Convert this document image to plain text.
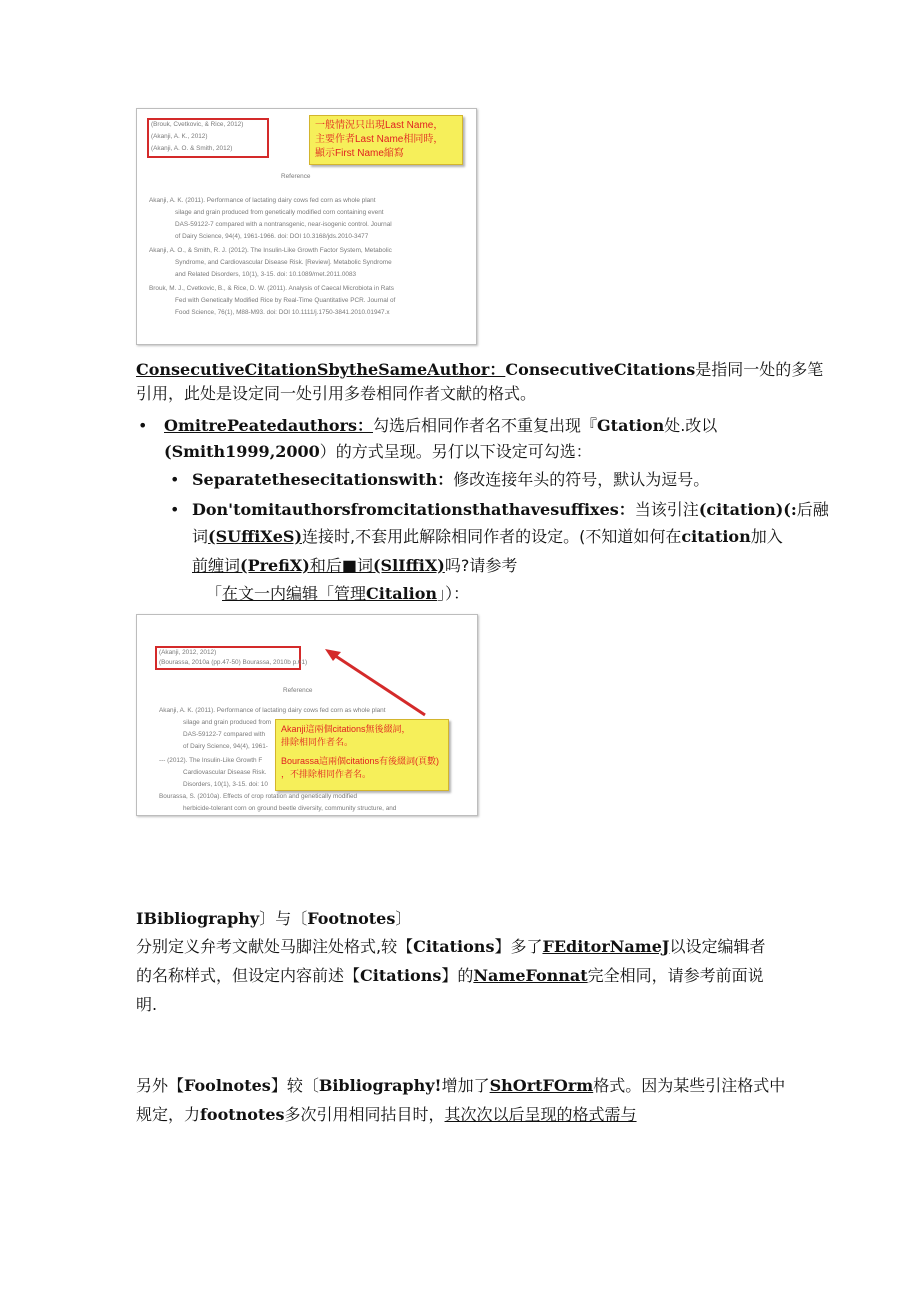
(Brouk, Cvetkovic, & Rice, 2012)
(Akanji, A. K., 2012)
(Akanji, A. O. & Smith, 2012)
一般情況只出現Last Name，
主要作者Last Name相同時，
顯示First Name縮寫
Reference
Akanji, A. K. (2011). Performance of lactating dairy cows fed corn as whole plant
silage and grain produced from genetically modified corn containing event
DAS-59122-7 compared with a nontransgenic, near-isogenic control. Journal
of Dairy Science, 94(4), 1961-1966. doi: DOI 10.3168/jds.2010-3477
Akanji, A. O., & Smith, R. J. (2012). The Insulin-Like Growth Factor System, Metabolic
Syndrome, and Cardiovascular Disease Risk. [Review]. Metabolic Syndrome
and Related Disorders, 10(1), 3-15. doi: 10.1089/met.2011.0083
Brouk, M. J., Cvetkovic, B., & Rice, D. W. (2011). Analysis of Caecal Microbiota in Rats
Fed with Genetically Modified Rice by Real-Time Quantitative PCR. Journal of
Food Science, 76(1), M88-M93. doi: DOI 10.1111/j.1750-3841.2010.01947.x
ConsecutiveCitationSbytheSameAuthor：ConsecutiveCitations是指同一处的多笔
引用，此处是设定同一处引用多卷相同作者文献的格式。
• OmitrePeatedauthors：勾选后相同作者名不重复出现『Gtation处.改以
(Smith1999,2000）的方式呈现。另仃以下设定可勾选：
• Separatethesecitationswith：修改连接年头的符号，默认为逗号。
• Don'tomitauthorsfromcitationsthathavesuffixes：当该引注(citation)(:后融
词(SUffiXeS)连接时,不套用此解除相同作者的设定。(不知道如何在citation加入
前缠词(PrefiX)和后■词(SlIffiX)吗?请参考
「在文一内编辑「管理Citalion」）：
(Akanji, 2012, 2012)
(Bourassa, 2010a (pp.47-50) Bourassa, 2010b p.61)
Reference
Akanji, A. K. (2011). Performance of lactating dairy cows fed corn as whole plant
silage and grain produced from
DAS-59122-7 compared with
of Dairy Science, 94(4), 1961-
--- (2012). The Insulin-Like Growth F
Cardiovascular Disease Risk.
Disorders, 10(1), 3-15. doi: 10
Bourassa, S. (2010a). Effects of crop rotation and genetically modified
herbicide-tolerant corn on ground beetle diversity, community structure, and
Akanji這兩個citations無後綴詞，
排除相同作者名。
Bourassa這兩個citations有後綴詞(頁數)
，不排除相同作者名。
IBibliography〕与〔Footnotes〕
分别定义弁考文献处马脚注处格式,较【Citations】多了FEditorNameJ以设定编辑者
的名称样式，但设定内容前述【Citations】的NameFonnat完全相同，请参考前面说
明.
另外【Foolnotes】较〔Bibliography!增加了ShOrtFOrm格式。因为某些引注格式中
规定，力footnotes多次引用相同拈目时，其次次以后呈现的格式需与
